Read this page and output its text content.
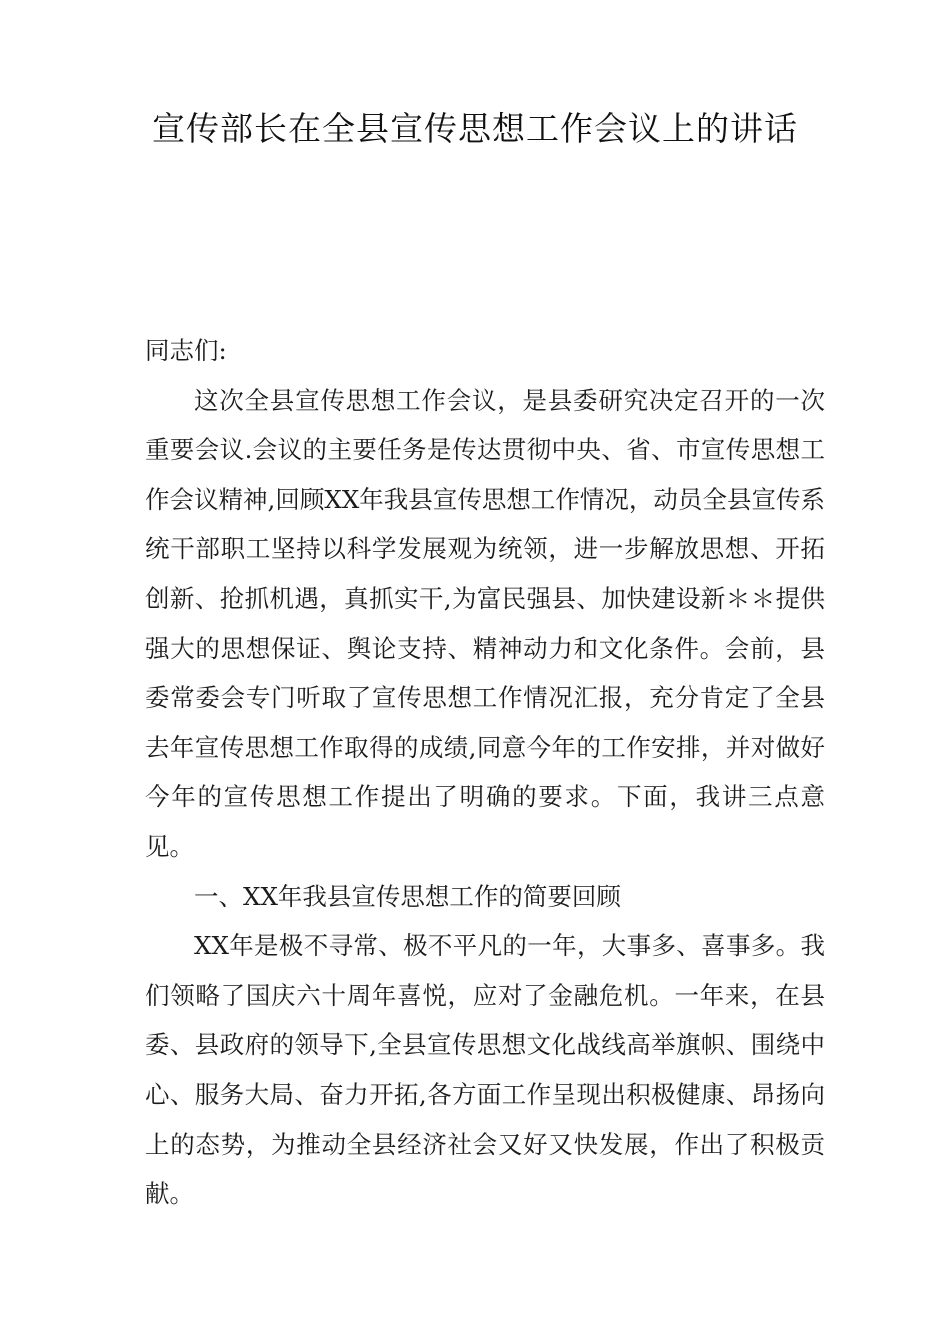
宣传部长在全县宣传思想工作会议上的讲话

同志们:

这次全县宣传思想工作会议，是县委研究决定召开的一次重要会议.会议的主要任务是传达贯彻中央、省、市宣传思想工作会议精神,回顾XX年我县宣传思想工作情况，动员全县宣传系统干部职工坚持以科学发展观为统领，进一步解放思想、开拓创新、抢抓机遇，真抓实干,为富民强县、加快建设新＊＊提供强大的思想保证、舆论支持、精神动力和文化条件。会前，县委常委会专门听取了宣传思想工作情况汇报，充分肯定了全县去年宣传思想工作取得的成绩,同意今年的工作安排，并对做好今年的宣传思想工作提出了明确的要求。下面，我讲三点意见。

一、XX年我县宣传思想工作的简要回顾

XX年是极不寻常、极不平凡的一年，大事多、喜事多。我们领略了国庆六十周年喜悦，应对了金融危机。一年来，在县委、县政府的领导下,全县宣传思想文化战线高举旗帜、围绕中心、服务大局、奋力开拓,各方面工作呈现出积极健康、昂扬向上的态势，为推动全县经济社会又好又快发展，作出了积极贡献。
